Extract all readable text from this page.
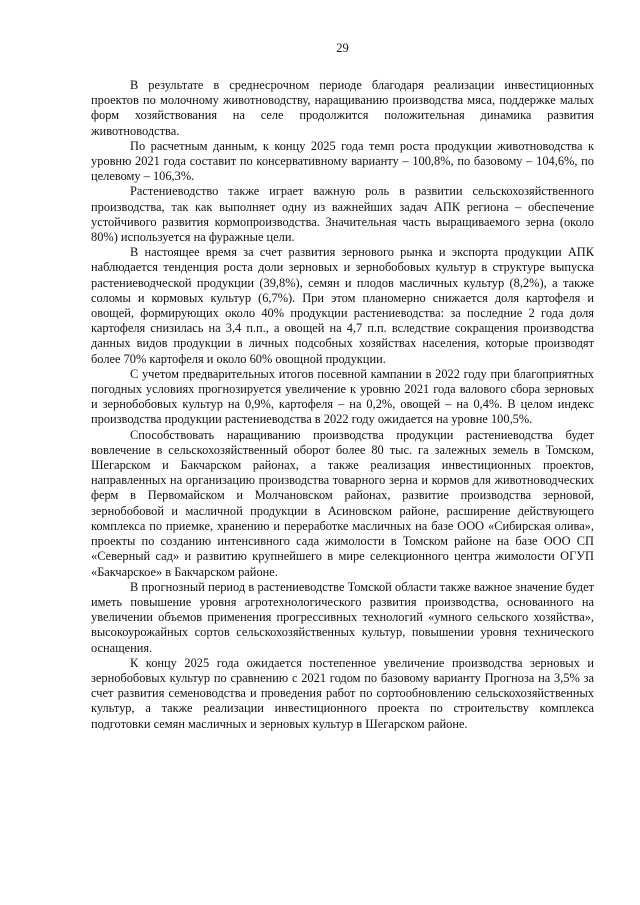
29

В результате в среднесрочном периоде благодаря реализации инвестиционных проектов по молочному животноводству, наращиванию производства мяса, поддержке малых форм хозяйствования на селе продолжится положительная динамика развития животноводства.

По расчетным данным, к концу 2025 года темп роста продукции животноводства к уровню 2021 года составит по консервативному варианту – 100,8%, по базовому – 104,6%, по целевому – 106,3%.

Растениеводство также играет важную роль в развитии сельскохозяйственного производства, так как выполняет одну из важнейших задач АПК региона – обеспечение устойчивого развития кормопроизводства. Значительная часть выращиваемого зерна (около 80%) используется на фуражные цели.

В настоящее время за счет развития зернового рынка и экспорта продукции АПК наблюдается тенденция роста доли зерновых и зернобобовых культур в структуре выпуска растениеводческой продукции (39,8%), семян и плодов масличных культур (8,2%), а также соломы и кормовых культур (6,7%). При этом планомерно снижается доля картофеля и овощей, формирующих около 40% продукции растениеводства: за последние 2 года доля картофеля снизилась на 3,4 п.п., а овощей на 4,7 п.п. вследствие сокращения производства данных видов продукции в личных подсобных хозяйствах населения, которые производят более 70% картофеля и около 60% овощной продукции.

С учетом предварительных итогов посевной кампании в 2022 году при благоприятных погодных условиях прогнозируется увеличение к уровню 2021 года валового сбора зерновых и зернобобовых культур на 0,9%, картофеля – на 0,2%, овощей – на 0,4%. В целом индекс производства продукции растениеводства в 2022 году ожидается на уровне 100,5%.

Способствовать наращиванию производства продукции растениеводства будет вовлечение в сельскохозяйственный оборот более 80 тыс. га залежных земель в Томском, Шегарском и Бакчарском районах, а также реализация инвестиционных проектов, направленных на организацию производства товарного зерна и кормов для животноводческих ферм в Первомайском и Молчановском районах, развитие производства зерновой, зернобобовой и масличной продукции в Асиновском районе, расширение действующего комплекса по приемке, хранению и переработке масличных на базе ООО «Сибирская олива», проекты по созданию интенсивного сада жимолости в Томском районе на базе ООО СП «Северный сад» и развитию крупнейшего в мире селекционного центра жимолости ОГУП «Бакчарское» в Бакчарском районе.

В прогнозный период в растениеводстве Томской области также важное значение будет иметь повышение уровня агротехнологического развития производства, основанного на увеличении объемов применения прогрессивных технологий «умного сельского хозяйства», высокоурожайных сортов сельскохозяйственных культур, повышении уровня технического оснащения.

К концу 2025 года ожидается постепенное увеличение производства зерновых и зернобобовых культур по сравнению с 2021 годом по базовому варианту Прогноза на 3,5% за счет развития семеноводства и проведения работ по сортообновлению сельскохозяйственных культур, а также реализации инвестиционного проекта по строительству комплекса подготовки семян масличных и зерновых культур в Шегарском районе.
